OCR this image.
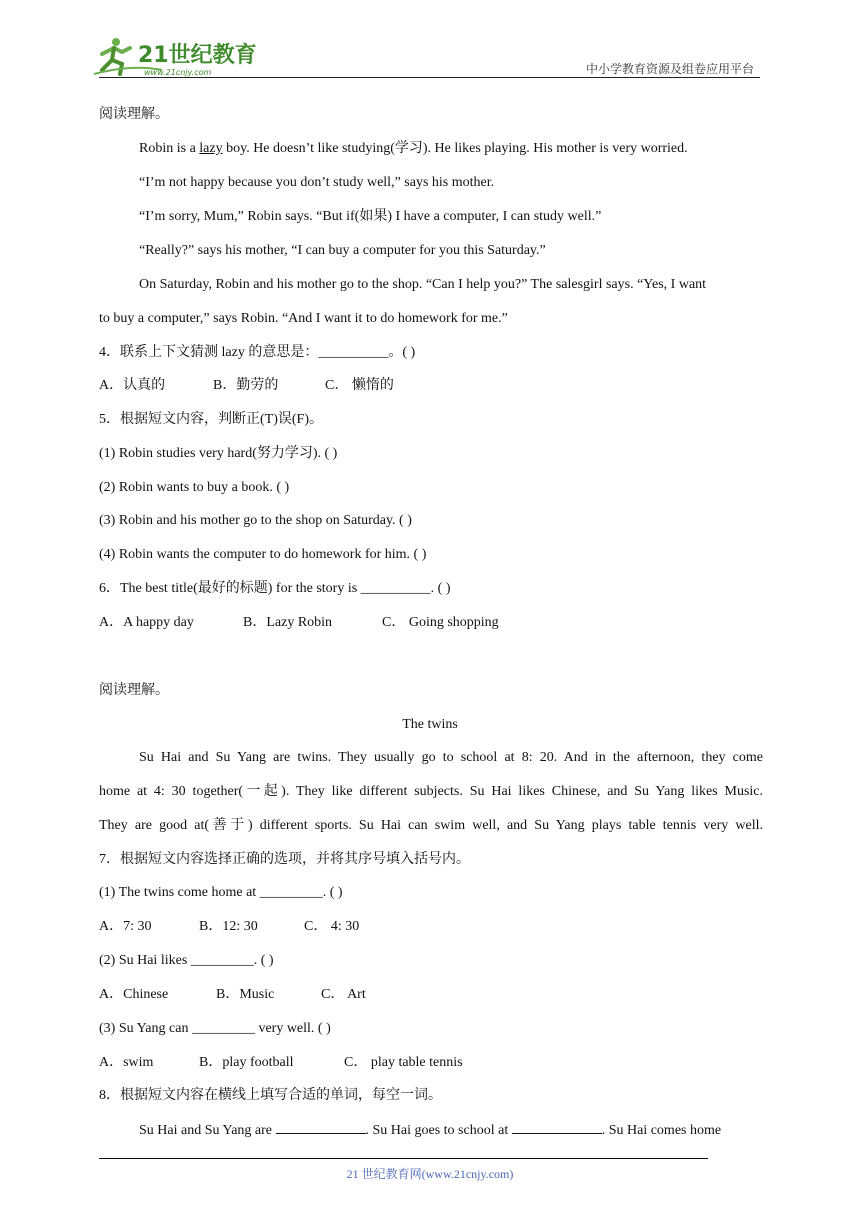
21世纪教育
www.21cnjy.com	中小学教育资源及组卷应用平台
阅读理解。
Robin is a lazy boy. He doesn’t like studying(学习). He likes playing. His mother is very worried.
“I’m not happy because you don’t study well,” says his mother.
“I’m sorry, Mum,” Robin says. “But if(如果) I have a computer, I can study well.”
“Really?” says his mother, “I can buy a computer for you this Saturday.”
On Saturday, Robin and his mother go to the shop. “Can I help you?” The salesgirl says. “Yes, I want
to buy a computer,” says Robin. “And I want it to do homework for me.”
4．联系上下文猜测 lazy 的意思是：__________。( )
A．认真的	B．勤劳的	C． 懒惰的
5．根据短文内容，判断正(T)误(F)。
(1) Robin studies very hard(努力学习). ( )
(2) Robin wants to buy a book. ( )
(3) Robin and his mother go to the shop on Saturday. ( )
(4) Robin wants the computer to do homework for him. ( )
6．The best title(最好的标题) for the story is __________. ( )
A．A happy day	B．Lazy Robin	C． Going shopping
阅读理解。
The twins
Su Hai and Su Yang are twins. They usually go to school at 8: 20. And in the afternoon, they come
home at 4: 30 together(一起). They like different subjects. Su Hai likes Chinese, and Su Yang likes Music.
They are good at(善于) different sports. Su Hai can swim well, and Su Yang plays table tennis very well.
7．根据短文内容选择正确的选项，并将其序号填入括号内。
(1) The twins come home at _________. ( )
A．7: 30	B．12: 30	C． 4: 30
(2) Su Hai likes _________. ( )
A．Chinese	B．Music	C． Art
(3) Su Yang can _________ very well. ( )
A．swim	B．play football	C． play table tennis
8．根据短文内容在横线上填写合适的单词，每空一词。
Su Hai and Su Yang are	. Su Hai goes to school at	. Su Hai comes home
21 世纪教育网(www.21cnjy.com)
